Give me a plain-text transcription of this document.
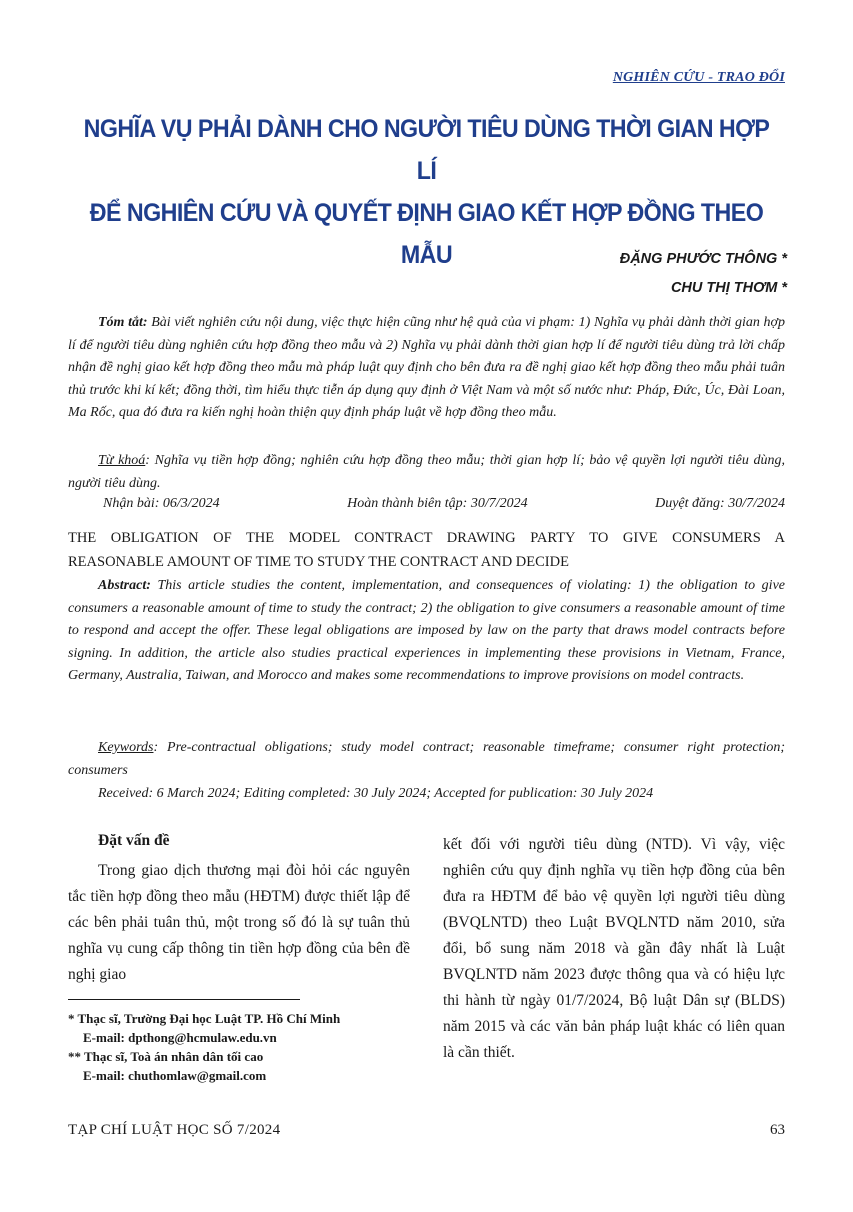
NGHIÊN CỨU - TRAO ĐỔI
NGHĨA VỤ PHẢI DÀNH CHO NGƯỜI TIÊU DÙNG THỜI GIAN HỢP LÍ
ĐỂ NGHIÊN CỨU VÀ QUYẾT ĐỊNH GIAO KẾT HỢP ĐỒNG THEO MẪU	ĐẶNG PHƯỚC THÔNG *
CHU THỊ THƠM *

Tóm tắt: Bài viết nghiên cứu nội dung, việc thực hiện cũng như hệ quả của vi phạm: 1) Nghĩa vụ phải dành thời gian hợp lí để người tiêu dùng nghiên cứu hợp đồng theo mẫu và 2) Nghĩa vụ phải dành thời gian hợp lí để người tiêu dùng trả lời chấp nhận đề nghị giao kết hợp đồng theo mẫu mà pháp luật quy định cho bên đưa ra đề nghị giao kết hợp đồng theo mẫu phải tuân thủ trước khi kí kết; đồng thời, tìm hiểu thực tiễn áp dụng quy định ở Việt Nam và một số nước như: Pháp, Đức, Úc, Đài Loan, Ma Rốc, qua đó đưa ra kiến nghị hoàn thiện quy định pháp luật về hợp đồng theo mẫu.

Từ khoá: Nghĩa vụ tiền hợp đồng; nghiên cứu hợp đồng theo mẫu; thời gian hợp lí; bảo vệ quyền lợi người tiêu dùng, người tiêu dùng.

Nhận bài: 06/3/2024	Hoàn thành biên tập: 30/7/2024	Duyệt đăng: 30/7/2024

THE OBLIGATION OF THE MODEL CONTRACT DRAWING PARTY TO GIVE CONSUMERS A

REASONABLE AMOUNT OF TIME TO STUDY THE CONTRACT AND DECIDE

Abstract: This article studies the content, implementation, and consequences of violating: 1) the obligation to give consumers a reasonable amount of time to study the contract; 2) the obligation to give consumers a reasonable amount of time to respond and accept the offer. These legal obligations are imposed by law on the party that draws model contracts before signing. In addition, the article also studies practical experiences in implementing these provisions in Vietnam, France, Germany, Australia, Taiwan, and Morocco and makes some recommendations to improve provisions on model contracts.

Keywords: Pre-contractual obligations; study model contract; reasonable timeframe; consumer right protection; consumers

Received: 6 March 2024; Editing completed: 30 July 2024; Accepted for publication: 30 July 2024
Đặt vấn đề

Trong giao dịch thương mại đòi hỏi các nguyên tắc tiền hợp đồng theo mẫu (HĐTM) được thiết lập để các bên phải tuân thủ, một trong số đó là sự tuân thủ nghĩa vụ cung cấp thông tin tiền hợp đồng của bên đề nghị giao

kết đối với người tiêu dùng (NTD). Vì vậy, việc nghiên cứu quy định nghĩa vụ tiền hợp đồng của bên đưa ra HĐTM để bảo vệ quyền lợi người tiêu dùng (BVQLNTD) theo Luật BVQLNTD năm 2010, sửa đổi, bổ sung năm 2018 và gần đây nhất là Luật BVQLNTD năm 2023 được thông qua và có hiệu lực thi hành từ ngày 01/7/2024, Bộ luật Dân sự (BLDS) năm 2015 và các văn bản pháp luật khác có liên quan là cần thiết.

* Thạc sĩ, Trường Đại học Luật TP. Hồ Chí Minh
E-mail: dpthong@hcmulaw.edu.vn
** Thạc sĩ, Toà án nhân dân tối cao
E-mail: chuthomlaw@gmail.com
TẠP CHÍ LUẬT HỌC SỐ 7/2024	63
